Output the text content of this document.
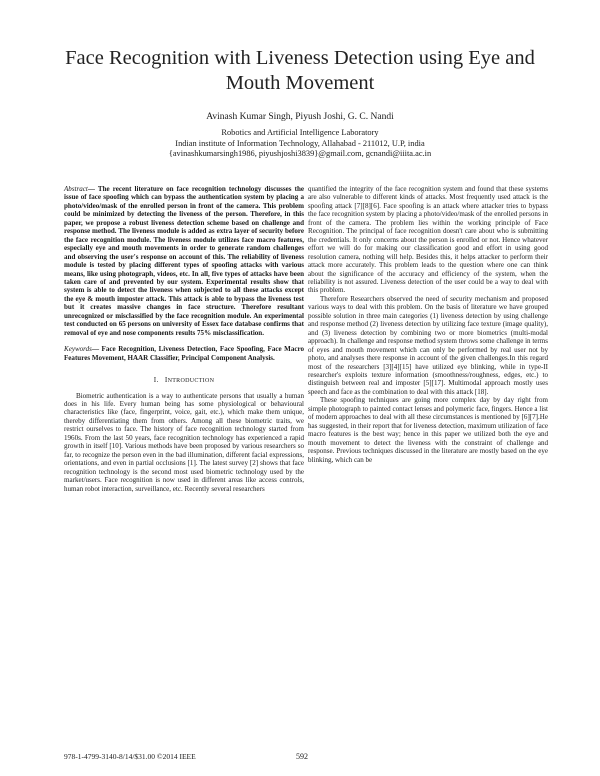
Face Recognition with Liveness Detection using Eye and Mouth Movement
Avinash Kumar Singh, Piyush Joshi, G. C. Nandi
Robotics and Artificial Intelligence Laboratory
Indian institute of Information Technology, Allahabad - 211012, U.P, india
{avinashkumarsingh1986, piyushjoshi3839}@gmail.com, gcnandi@iiita.ac.in

Abstract— The recent literature on face recognition technology discusses the issue of face spoofing which can bypass the authentication system by placing a photo/video/mask of the enrolled person in front of the camera. This problem could be minimized by detecting the liveness of the person. Therefore, in this paper, we propose a robust liveness detection scheme based on challenge and response method. The liveness module is added as extra layer of security before the face recognition module. The liveness module utilizes face macro features, especially eye and mouth movements in order to generate random challenges and observing the user's response on account of this. The reliability of liveness module is tested by placing different types of spoofing attacks with various means, like using photograph, videos, etc. In all, five types of attacks have been taken care of and prevented by our system. Experimental results show that system is able to detect the liveness when subjected to all these attacks except the eye & mouth imposter attack. This attack is able to bypass the liveness test but it creates massive changes in face structure. Therefore resultant unrecognized or misclassified by the face recognition module. An experimental test conducted on 65 persons on university of Essex face database confirms that removal of eye and nose components results 75% misclassification.

Keywords— Face Recognition, Liveness Detection, Face Spoofing, Face Macro Features Movement, HAAR Classifier, Principal Component Analysis.

I. INTRODUCTION

Biometric authentication is a way to authenticate persons that usually a human does in his life. Every human being has some physiological or behavioural characteristics like (face, fingerprint, voice, gait, etc.), which make them unique, thereby differentiating them from others. Among all these biometric traits, we restrict ourselves to face. The history of face recognition technology started from 1960s. From the last 50 years, face recognition technology has experienced a rapid growth in itself [10]. Various methods have been proposed by various researchers so far, to recognize the person even in the bad illumination, different facial expressions, orientations, and even in partial occlusions [1]. The latest survey [2] shows that face recognition technology is the second most used biometric technology used by the market/users. Face recognition is now used in different areas like access controls, human robot interaction, surveillance, etc. Recently several researchers

quantified the integrity of the face recognition system and found that these systems are also vulnerable to different kinds of attacks. Most frequently used attack is the spoofing attack [7][8][6]. Face spoofing is an attack where attacker tries to bypass the face recognition system by placing a photo/video/mask of the enrolled persons in front of the camera. The problem lies within the working principle of Face Recognition. The principal of face recognition doesn't care about who is submitting the credentials. It only concerns about the person is enrolled or not. Hence whatever effort we will do for making our classification good and effort in using good resolution camera, nothing will help. Besides this, it helps attacker to perform their attack more accurately. This problem leads to the question where one can think about the significance of the accuracy and efficiency of the system, when the reliability is not assured. Liveness detection of the user could be a way to deal with this problem.

Therefore Researchers observed the need of security mechanism and proposed various ways to deal with this problem. On the basis of literature we have grouped possible solution in three main categories (1) liveness detection by using challenge and response method (2) liveness detection by utilizing face texture (image quality), and (3) liveness detection by combining two or more biometrics (multi-modal approach). In challenge and response method system throws some challenge in terms of eyes and mouth movement which can only be performed by real user not by photo, and analyses there response in account of the given challenges.In this regard most of the researchers [3][4][15] have utilized eye blinking, while in type-II researcher's exploits texture information (smoothness/roughness, edges, etc.) to distinguish between real and imposter [5][17]. Multimodal approach mostly uses speech and face as the combination to deal with this attack [18].

These spoofing techniques are going more complex day by day right from simple photograph to painted contact lenses and polymeric face, fingers. Hence a list of modern approaches to deal with all these circumstances is mentioned by [6][7].He has suggested, in their report that for liveness detection, maximum utilization of face macro features is the best way; hence in this paper we utilized both the eye and mouth movement to detect the liveness with the constraint of challenge and response. Previous techniques discussed in the literature are mostly based on the eye blinking, which can be

978-1-4799-3140-8/14/$31.00 ©2014 IEEE	592
